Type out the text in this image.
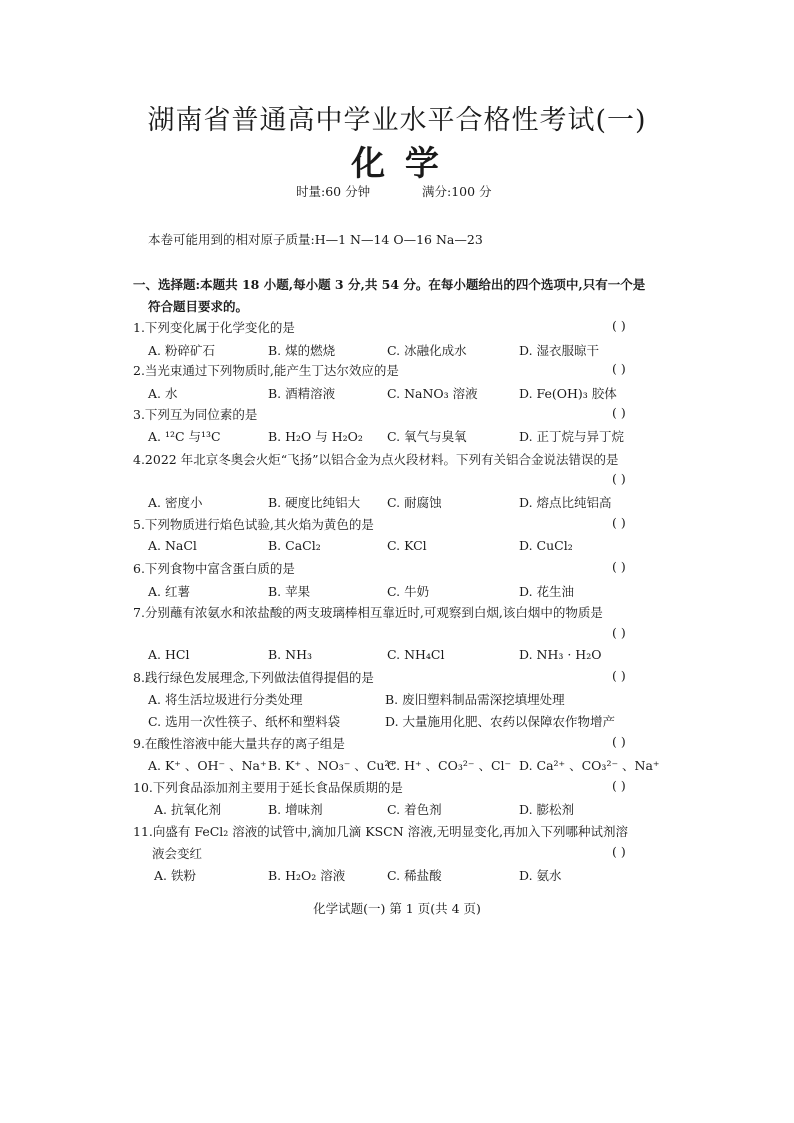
湖南省普通高中学业水平合格性考试(一)
化 学
时量:60 分钟	满分:100 分
本卷可能用到的相对原子质量:H—1 N—14 O—16 Na—23
一、选择题:本题共 18 小题,每小题 3 分,共 54 分。在每小题给出的四个选项中,只有一个是
符合题目要求的。
1.下列变化属于化学变化的是	( )
A. 粉碎矿石	B. 煤的燃烧	C. 冰融化成水	D. 湿衣服晾干
2.当光束通过下列物质时,能产生丁达尔效应的是	( )
A. 水	B. 酒精溶液	C. NaNO₃ 溶液	D. Fe(OH)₃ 胶体
3.下列互为同位素的是	( )
A. ¹²C 与¹³C	B. H₂O 与 H₂O₂ C. 氧气与臭氧	D. 正丁烷与异丁烷
4.2022 年北京冬奥会火炬“飞扬”以铝合金为点火段材料。下列有关铝合金说法错误的是
( )
A. 密度小	B. 硬度比纯铝大 C. 耐腐蚀	D. 熔点比纯铝高
5.下列物质进行焰色试验,其火焰为黄色的是	( )
A. NaCl	B. CaCl₂	C. KCl	D. CuCl₂
6.下列食物中富含蛋白质的是	( )
A. 红薯	B. 苹果	C. 牛奶	D. 花生油
7.分别蘸有浓氨水和浓盐酸的两支玻璃棒相互靠近时,可观察到白烟,该白烟中的物质是
( )
A. HCl	B. NH₃	C. NH₄Cl	D. NH₃ · H₂O
8.践行绿色发展理念,下列做法值得提倡的是	( )
A. 将生活垃圾进行分类处理	B. 废旧塑料制品需深挖填埋处理
C. 选用一次性筷子、纸杯和塑料袋	D. 大量施用化肥、农药以保障农作物增产
9.在酸性溶液中能大量共存的离子组是	( )
A. K⁺ 、OH⁻ 、Na⁺ B. K⁺ 、NO₃⁻ 、Cu²⁺
C. H⁺ 、CO₃²⁻ 、Cl⁻ D. Ca²⁺ 、CO₃²⁻ 、Na⁺
10.下列食品添加剂主要用于延长食品保质期的是	( )
A. 抗氧化剂	B. 增味剂	C. 着色剂	D. 膨松剂
11.向盛有 FeCl₂ 溶液的试管中,滴加几滴 KSCN 溶液,无明显变化,再加入下列哪种试剂溶
液会变红	( )
A. 铁粉	B. H₂O₂ 溶液	C. 稀盐酸	D. 氨水
化学试题(一) 第 1 页(共 4 页)
